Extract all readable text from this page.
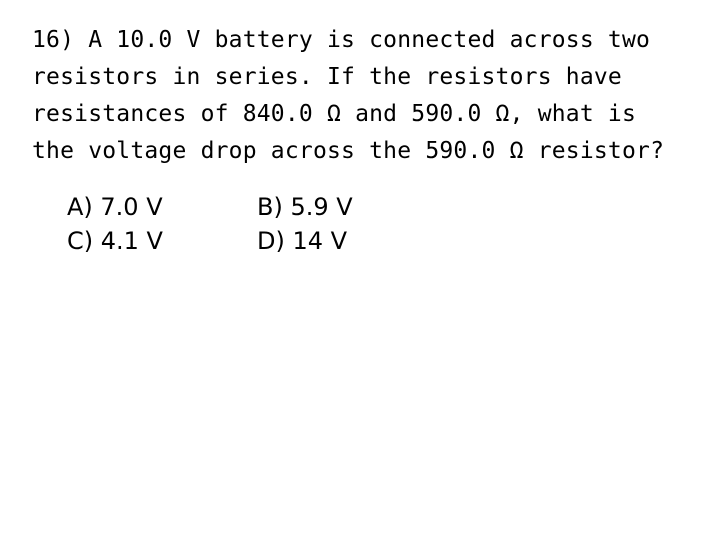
16) A 10.0 V battery is connected across two
resistors in series. If the resistors have
resistances of 840.0 Ω and 590.0 Ω, what is
the voltage drop across the 590.0 Ω resistor?
A) 7.0 V	B) 5.9 V
C) 4.1 V	D) 14 V
